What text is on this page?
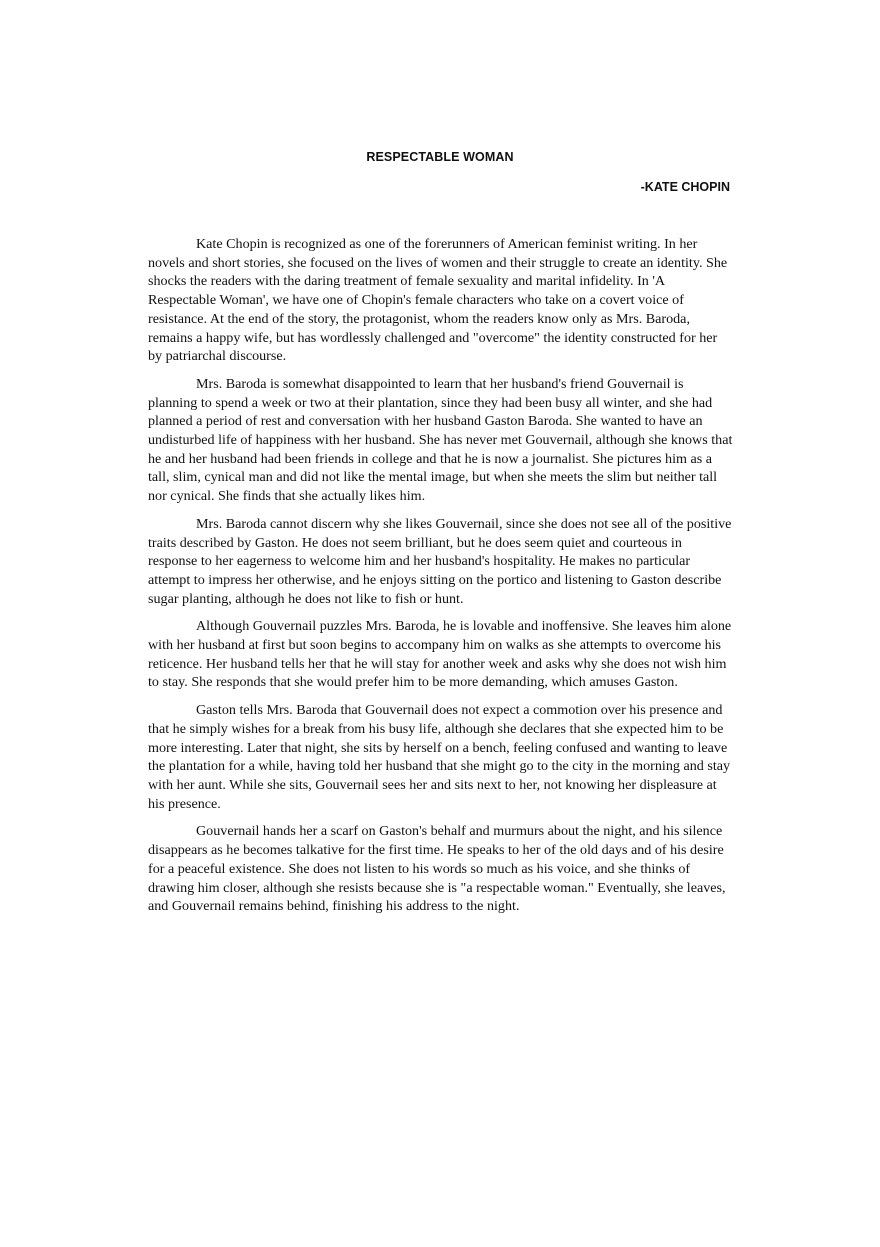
RESPECTABLE WOMAN
-KATE CHOPIN

Kate Chopin is recognized as one of the forerunners of American feminist writing. In her novels and short stories, she focused on the lives of women and their struggle to create an identity. She shocks the readers with the daring treatment of female sexuality and marital infidelity. In 'A Respectable Woman', we have one of Chopin's female characters who take on a covert voice of resistance. At the end of the story, the protagonist, whom the readers know only as Mrs. Baroda, remains a happy wife, but has wordlessly challenged and "overcome" the identity constructed for her by patriarchal discourse.

Mrs. Baroda is somewhat disappointed to learn that her husband's friend Gouvernail is planning to spend a week or two at their plantation, since they had been busy all winter, and she had planned a period of rest and conversation with her husband Gaston Baroda. She wanted to have an undisturbed life of happiness with her husband. She has never met Gouvernail, although she knows that he and her husband had been friends in college and that he is now a journalist. She pictures him as a tall, slim, cynical man and did not like the mental image, but when she meets the slim but neither tall nor cynical. She finds that she actually likes him.

Mrs. Baroda cannot discern why she likes Gouvernail, since she does not see all of the positive traits described by Gaston. He does not seem brilliant, but he does seem quiet and courteous in response to her eagerness to welcome him and her husband's hospitality. He makes no particular attempt to impress her otherwise, and he enjoys sitting on the portico and listening to Gaston describe sugar planting, although he does not like to fish or hunt.

Although Gouvernail puzzles Mrs. Baroda, he is lovable and inoffensive. She leaves him alone with her husband at first but soon begins to accompany him on walks as she attempts to overcome his reticence. Her husband tells her that he will stay for another week and asks why she does not wish him to stay. She responds that she would prefer him to be more demanding, which amuses Gaston.

Gaston tells Mrs. Baroda that Gouvernail does not expect a commotion over his presence and that he simply wishes for a break from his busy life, although she declares that she expected him to be more interesting. Later that night, she sits by herself on a bench, feeling confused and wanting to leave the plantation for a while, having told her husband that she might go to the city in the morning and stay with her aunt. While she sits, Gouvernail sees her and sits next to her, not knowing her displeasure at his presence.

Gouvernail hands her a scarf on Gaston's behalf and murmurs about the night, and his silence disappears as he becomes talkative for the first time. He speaks to her of the old days and of his desire for a peaceful existence. She does not listen to his words so much as his voice, and she thinks of drawing him closer, although she resists because she is "a respectable woman." Eventually, she leaves, and Gouvernail remains behind, finishing his address to the night.
